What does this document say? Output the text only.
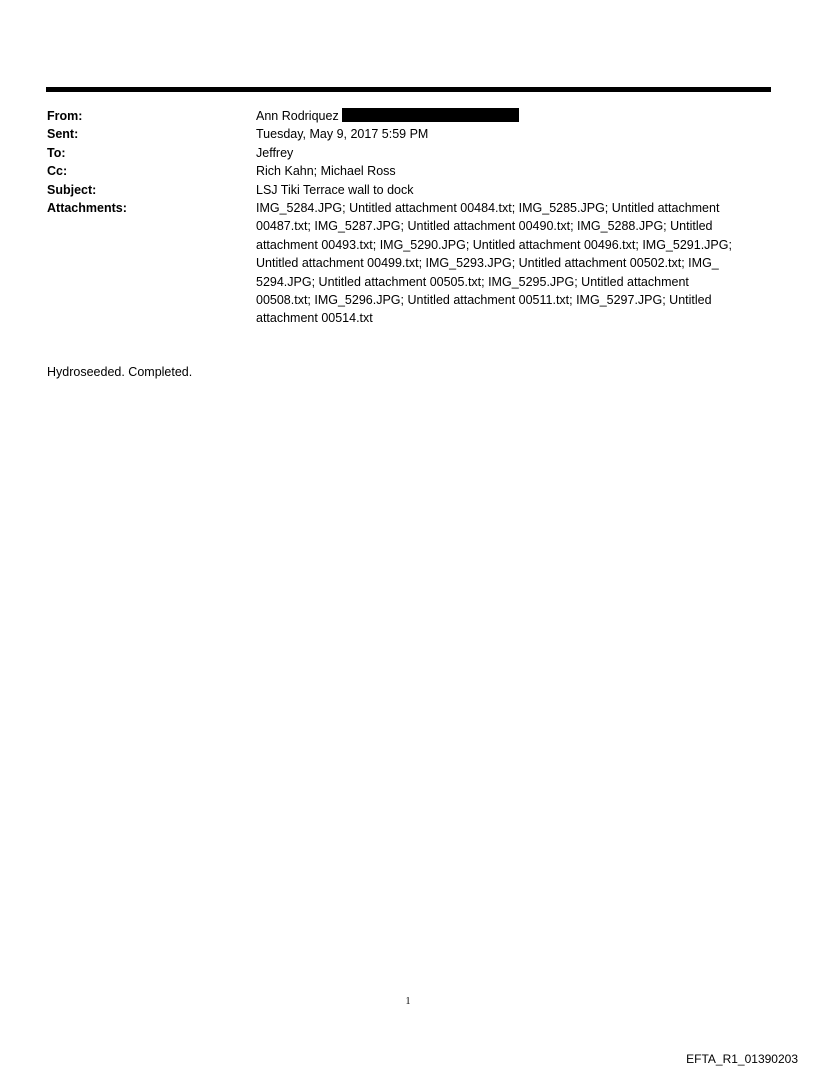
From:	Ann Rodriquez
Sent:	Tuesday, May 9, 2017 5:59 PM
To:	Jeffrey
Cc:	Rich Kahn; Michael Ross
Subject:	LSJ Tiki Terrace wall to dock
Attachments:	IMG_5284.JPG; Untitled attachment 00484.txt; IMG_5285.JPG; Untitled attachment
00487.txt; IMG_5287.JPG; Untitled attachment 00490.txt; IMG_5288.JPG; Untitled
attachment 00493.txt; IMG_5290.JPG; Untitled attachment 00496.txt; IMG_5291.JPG;
Untitled attachment 00499.txt; IMG_5293.JPG; Untitled attachment 00502.txt; IMG_
5294.JPG; Untitled attachment 00505.txt; IMG_5295.JPG; Untitled attachment
00508.txt; IMG_5296.JPG; Untitled attachment 00511.txt; IMG_5297.JPG; Untitled
attachment 00514.txt
Hydroseeded. Completed.
1
EFTA_R1_01390203
